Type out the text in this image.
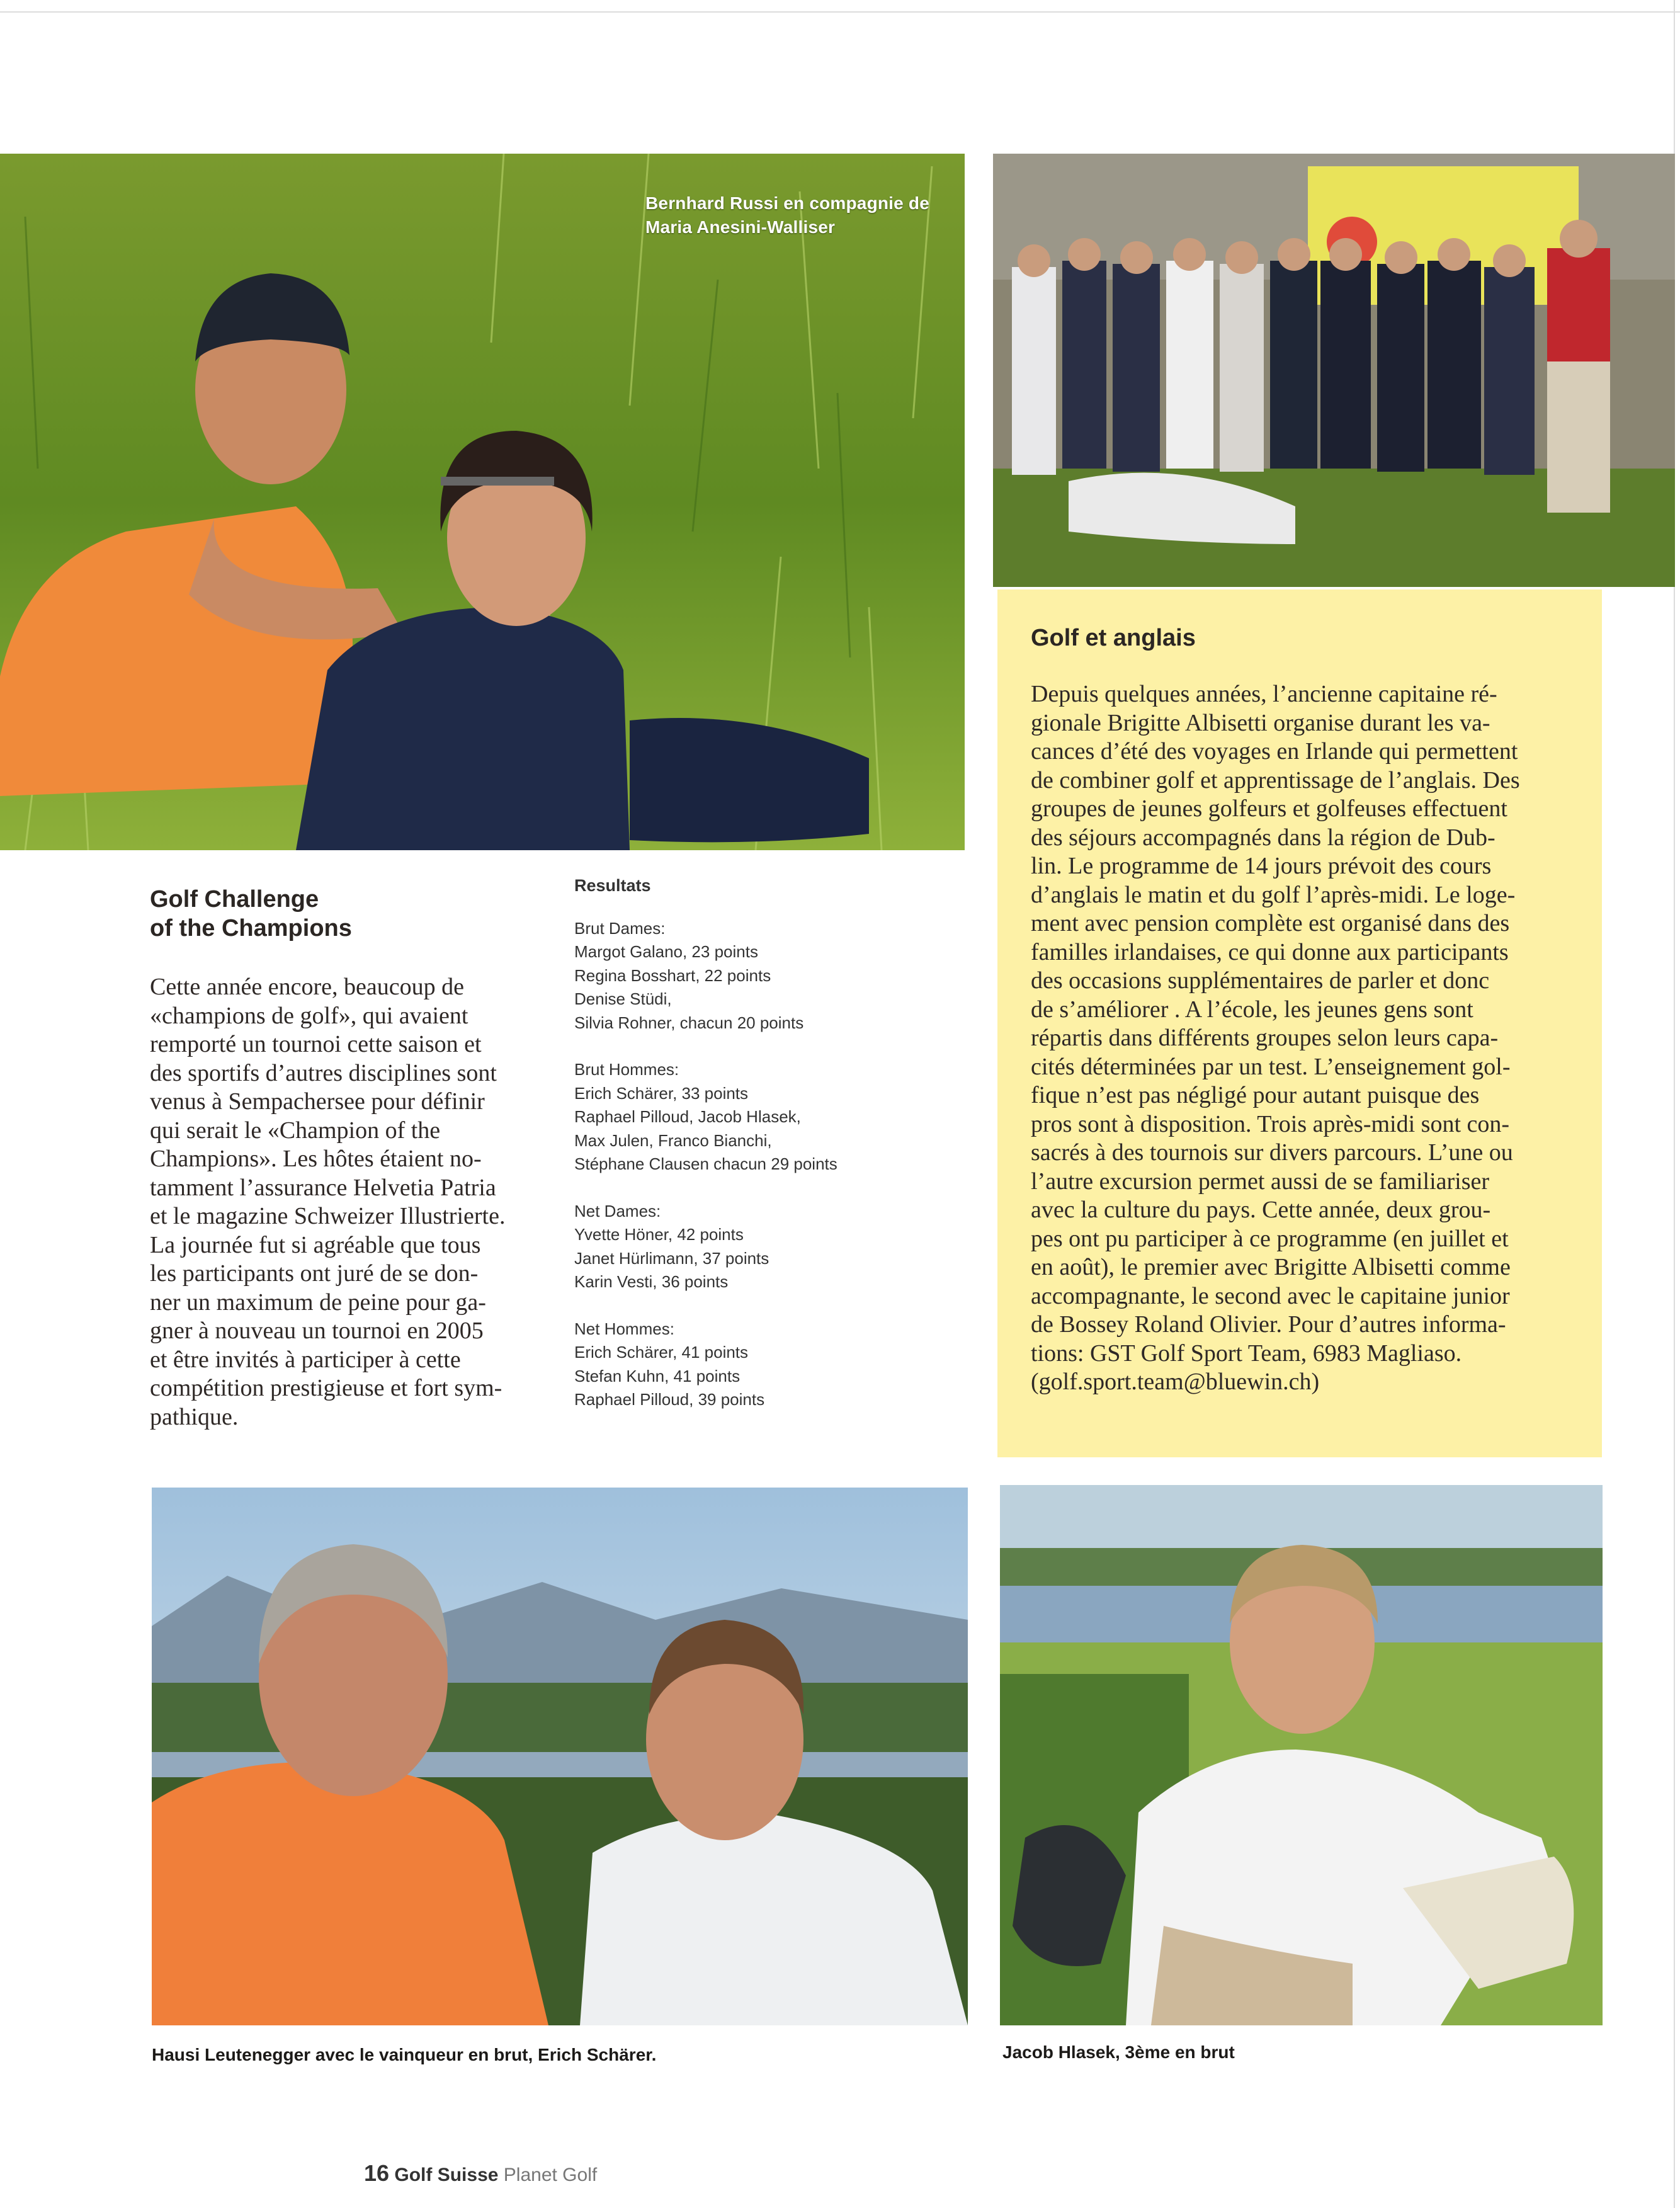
Bernhard Russi en compagnie de
Maria Anesini-Walliser
Golf Challenge
of the Champions

Cette année encore, beaucoup de

«champions de golf», qui avaient

remporté un tournoi cette saison et

des sportifs d’autres disciplines sont

venus à Sempachersee pour définir

qui serait le «Champion of the

Champions». Les hôtes étaient no-

tamment l’assurance Helvetia Patria

et le magazine Schweizer Illustrierte.

La journée fut si agréable que tous

les participants ont juré de se don-

ner un maximum de peine pour ga-

gner à nouveau un tournoi en 2005

et être invités à participer à cette

compétition prestigieuse et fort sym-

pathique.

Resultats
Brut Dames:
Margot Galano, 23 points
Regina Bosshart, 22 points
Denise Stüdi,
Silvia Rohner, chacun 20 points
Brut Hommes:
Erich Schärer, 33 points
Raphael Pilloud, Jacob Hlasek,
Max Julen, Franco Bianchi,
Stéphane Clausen chacun 29 points
Net Dames:
Yvette Höner, 42 points
Janet Hürlimann, 37 points
Karin Vesti, 36 points
Net Hommes:
Erich Schärer, 41 points
Stefan Kuhn, 41 points
Raphael Pilloud, 39 points
Golf et anglais

Depuis quelques années, l’ancienne capitaine ré-

gionale Brigitte Albisetti organise durant les va-

cances d’été des voyages en Irlande qui permettent

de combiner golf et apprentissage de l’anglais. Des

groupes de jeunes golfeurs et golfeuses effectuent

des séjours accompagnés dans la région de Dub-

lin. Le programme de 14 jours prévoit des cours

d’anglais le matin et du golf l’après-midi. Le loge-

ment avec pension complète est organisé dans des

familles irlandaises, ce qui donne aux participants

des occasions supplémentaires de parler et donc

de s’améliorer . A l’école, les jeunes gens sont

répartis dans différents groupes selon leurs capa-

cités déterminées par un test. L’enseignement gol-

fique n’est pas négligé pour autant puisque des

pros sont à disposition. Trois après-midi sont con-

sacrés à des tournois sur divers parcours. L’une ou

l’autre excursion permet aussi de se familiariser

avec la culture du pays. Cette année, deux grou-

pes ont pu participer à ce programme (en juillet et

en août), le premier avec Brigitte Albisetti comme

accompagnante, le second avec le capitaine junior

de Bossey Roland Olivier. Pour d’autres informa-

tions: GST Golf Sport Team, 6983 Magliaso.

(golf.sport.team@bluewin.ch)

Hausi Leutenegger avec le vainqueur en brut, Erich Schärer.	Jacob Hlasek, 3ème en brut
16 Golf Suisse Planet Golf
